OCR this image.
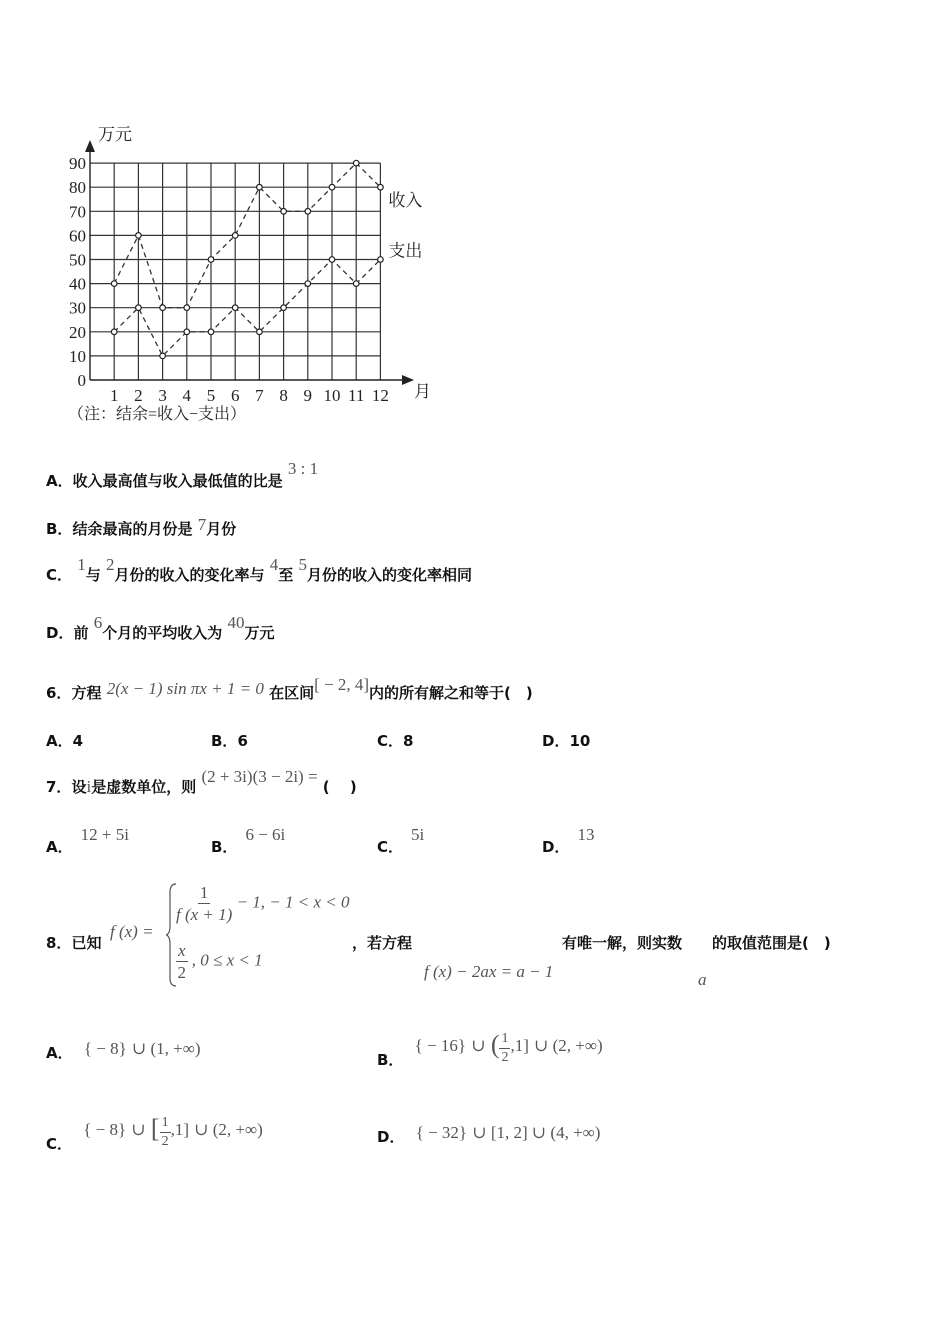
万元
月
0
10
20
30
40
50
60
70
80
90
1 2 3 4 5 6 7 8 9 10 11 12
收入
支出
（注：结余=收入−支出）
A．收入最高值与收入最低值的比是 3 : 1
B．结余最高的月份是 7月份
C． 1与 2月份的收入的变化率与 4至 5月份的收入的变化率相同
D．前 6个月的平均收入为 40万元
6．方程 2(x − 1) sin πx + 1 = 0 在区间[ − 2, 4]内的所有解之和等于(　)
A．4	B．6	C．8	D．10
7．设i是虚数单位，则 (2 + 3i)(3 − 2i) = (　 )
A．12 + 5i
B．6 − 6i
C．5i
D．13
8．已知
f (x) =
$\frac{1}{f (x + 1)} - 1$, − 1 < x < 0
$\frac{x}{2}$ , 0 ≤ x < 1
，若方程
f (x) − 2ax = a − 1
有唯一解，则实数
a
的取值范围是(　)
A． { − 8} ∪ (1, +∞)
B． { − 16} ∪ ( $\frac{1}{2} ,1$] ∪ (2, +∞)
C． { − 8} ∪ [ $\frac{1}{2} ,1$] ∪ (2, +∞)	D． { − 32} ∪ [1, 2] ∪ (4, +∞)
